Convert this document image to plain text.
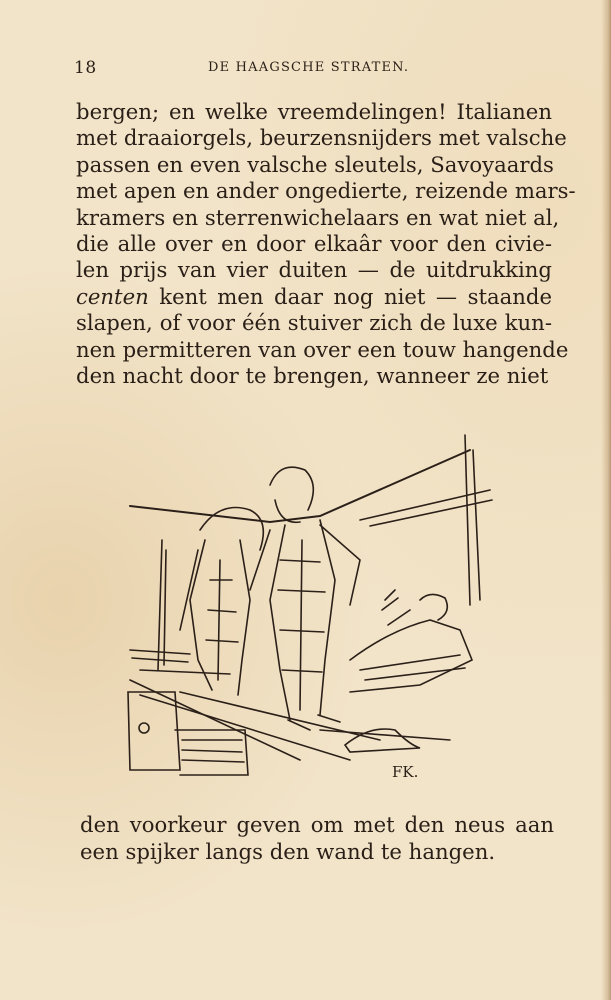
18	DE HAAGSCHE STRATEN.
bergen; en welke vreemdelingen! Italianen
met draaiorgels, beurzensnijders met valsche
passen en even valsche sleutels, Savoyaards
met apen en ander ongedierte, reizende mars-
kramers en sterrenwichelaars en wat niet al,
die alle over en door elkaâr voor den civie-
len prijs van vier duiten — de uitdrukking
centen kent men daar nog niet — staande
slapen, of voor één stuiver zich de luxe kun-
nen permitteren van over een touw hangende
den nacht door te brengen, wanneer ze niet
FK.
den voorkeur geven om met den neus aan
een spijker langs den wand te hangen.
